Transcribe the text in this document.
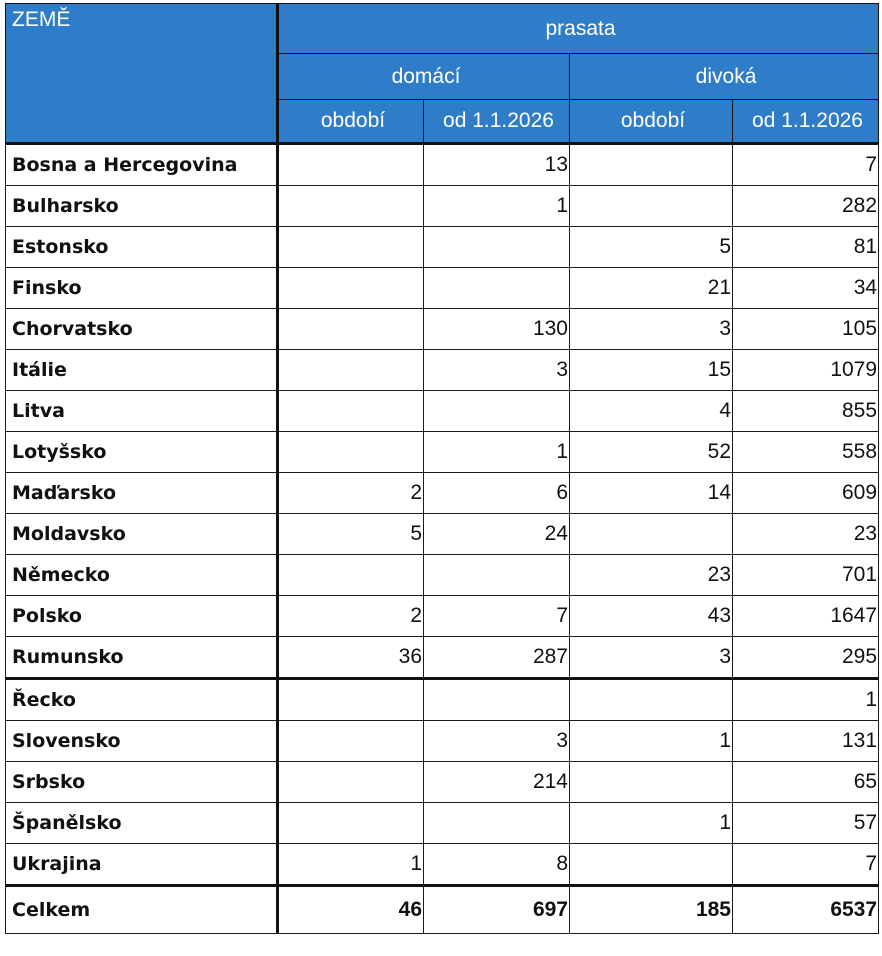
ZEMĚ	prasata			
	domácí		divoká	
	období	od 1.1.2026	období	od 1.1.2026
Bosna a Hercegovina		13		7
Bulharsko		1		282
Estonsko			5	81
Finsko			21	34
Chorvatsko		130	3	105
Itálie		3	15	1079
Litva			4	855
Lotyšsko		1	52	558
Maďarsko	2	6	14	609
Moldavsko	5	24		23
Německo			23	701
Polsko	2	7	43	1647
Rumunsko	36	287	3	295
Řecko				1
Slovensko		3	1	131
Srbsko		214		65
Španělsko			1	57
Ukrajina	1	8		7
Celkem	46	697	185	6537
